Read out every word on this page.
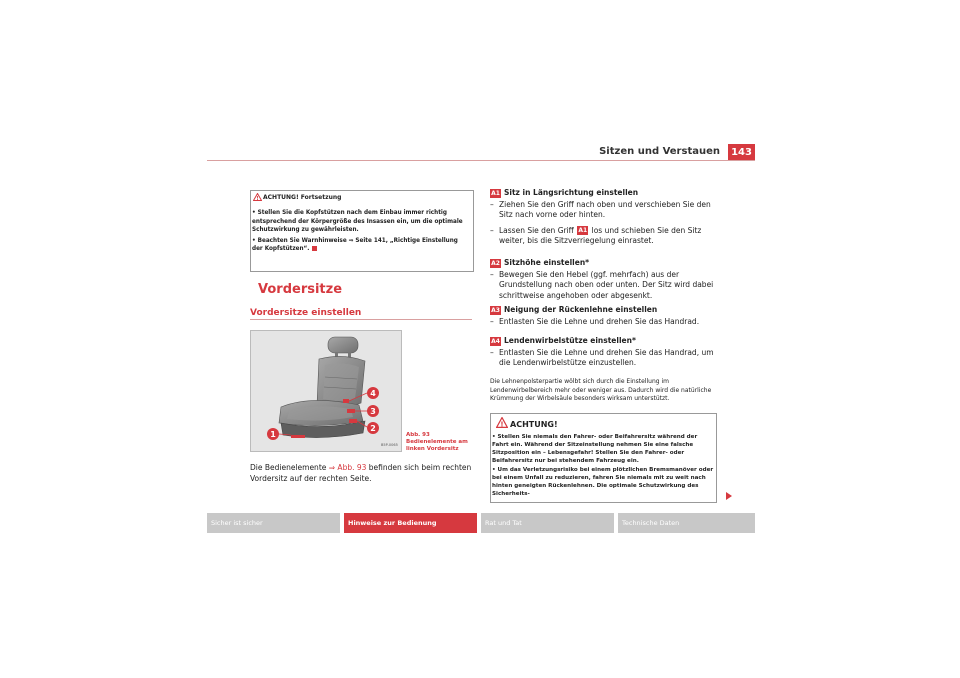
Sitzen und Verstauen	143
! ACHTUNG! Fortsetzung

• Stellen Sie die Kopfstützen nach dem Einbau immer richtig entsprechend der Körpergröße des Insassen ein, um die optimale Schutzwirkung zu gewährleisten.

• Beachten Sie Warnhinweise ⇒ Seite 141, „Richtige Einstellung der Kopfstützen“.

Vordersitze
Vordersitze einstellen
1
2
3
4
B5P-0065
Abb. 93 Bedienelemente am linken Vordersitz
Die Bedienelemente ⇒ Abb. 93 befinden sich beim rechten Vordersitz auf der rechten Seite.
A1 Sitz in Längsrichtung einstellen
– Ziehen Sie den Griff nach oben und verschieben Sie den Sitz nach vorne oder hinten.
– Lassen Sie den Griff A1 los und schieben Sie den Sitz weiter, bis die Sitzverriegelung einrastet.
A2 Sitzhöhe einstellen*
– Bewegen Sie den Hebel (ggf. mehrfach) aus der Grundstellung nach oben oder unten. Der Sitz wird dabei schrittweise angehoben oder abgesenkt.
A3 Neigung der Rückenlehne einstellen
– Entlasten Sie die Lehne und drehen Sie das Handrad.
A4 Lendenwirbelstütze einstellen*
– Entlasten Sie die Lehne und drehen Sie das Handrad, um die Lendenwirbelstütze einzustellen.
Die Lehnenpolsterpartie wölbt sich durch die Einstellung im Lendenwirbelbereich mehr oder weniger aus. Dadurch wird die natürliche Krümmung der Wirbelsäule besonders wirksam unterstützt.
! ACHTUNG!

• Stellen Sie niemals den Fahrer- oder Beifahrersitz während der Fahrt ein. Während der Sitzeinstellung nehmen Sie eine falsche Sitzposition ein – Lebensgefahr! Stellen Sie den Fahrer- oder Beifahrersitz nur bei stehendem Fahrzeug ein.

• Um das Verletzungsrisiko bei einem plötzlichen Bremsmanöver oder bei einem Unfall zu reduzieren, fahren Sie niemals mit zu weit nach hinten geneigten Rückenlehnen. Die optimale Schutzwirkung des Sicherheits-

Sicher ist sicher	Hinweise zur Bedienung	Rat und Tat	Technische Daten
